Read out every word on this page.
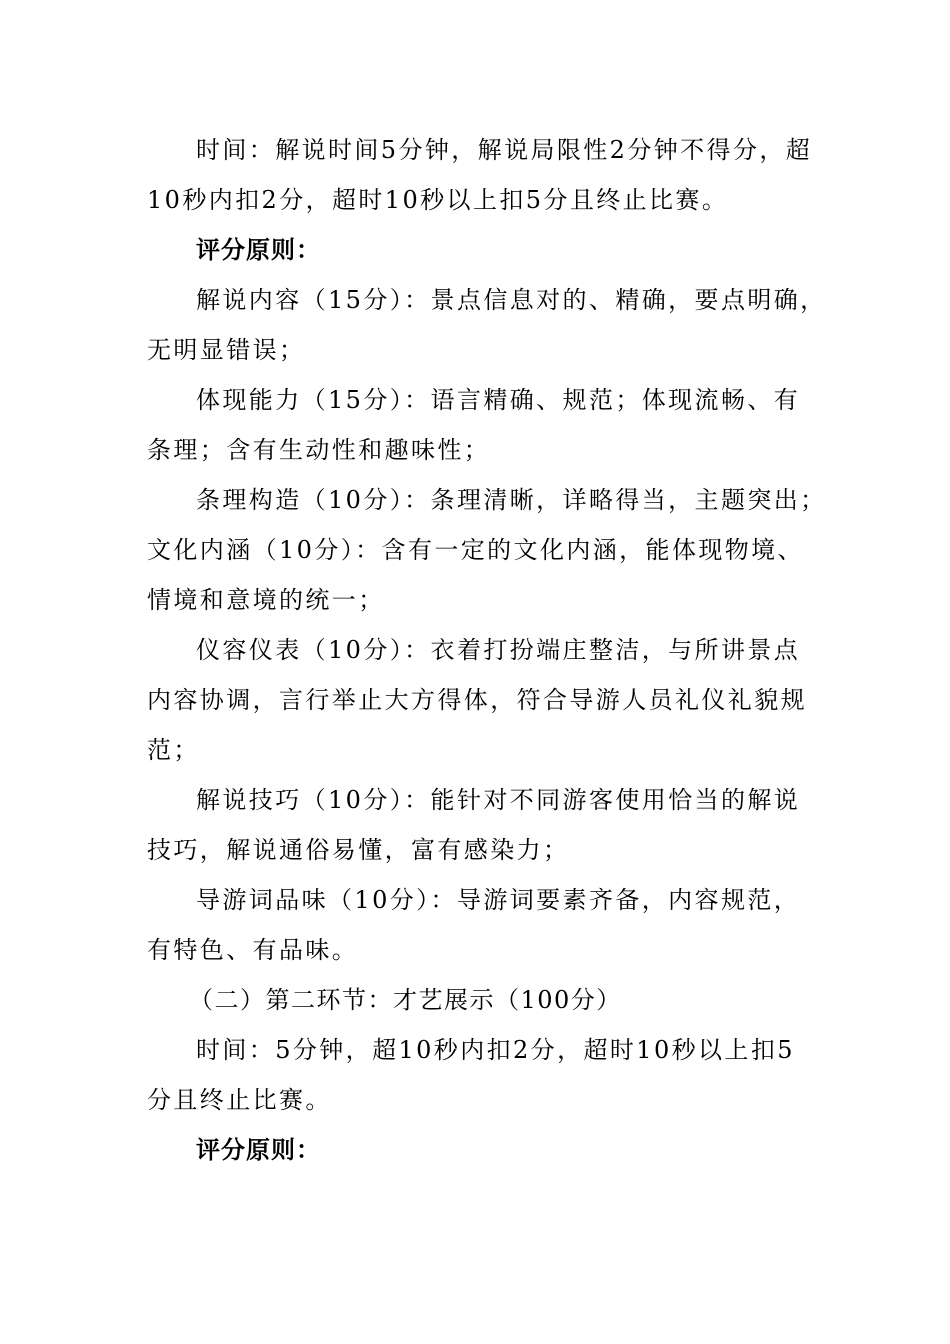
时间：解说时间5分钟，解说局限性2分钟不得分，超
10秒内扣2分，超时10秒以上扣5分且终止比赛。
评分原则：
解说内容（15分）：景点信息对的、精确，要点明确，
无明显错误；
体现能力（15分）：语言精确、规范；体现流畅、有
条理；含有生动性和趣味性；
条理构造（10分）：条理清晰，详略得当，主题突出；
文化内涵（10分）：含有一定的文化内涵，能体现物境、
情境和意境的统一；
仪容仪表（10分）：衣着打扮端庄整洁，与所讲景点
内容协调，言行举止大方得体，符合导游人员礼仪礼貌规
范；
解说技巧（10分）：能针对不同游客使用恰当的解说
技巧，解说通俗易懂，富有感染力；
导游词品味（10分）：导游词要素齐备，内容规范，
有特色、有品味。
（二）第二环节：才艺展示（100分）
时间：5分钟，超10秒内扣2分，超时10秒以上扣5
分且终止比赛。
评分原则：
